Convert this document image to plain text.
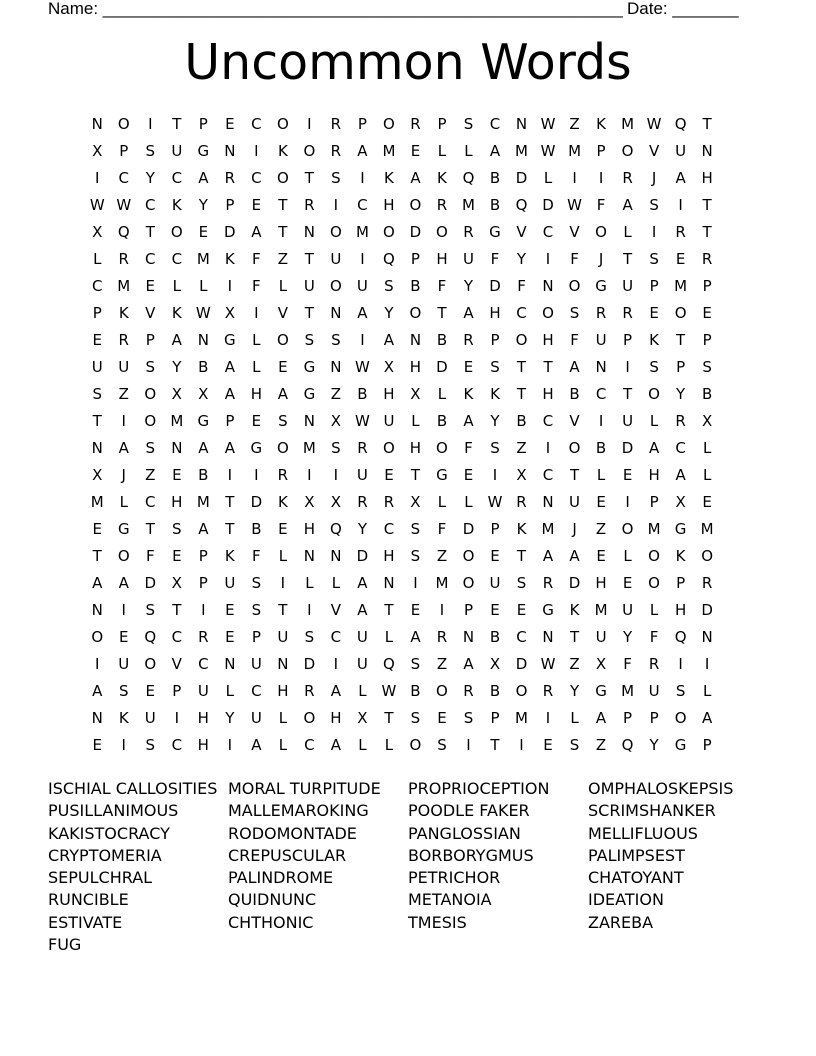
Name: _______________________________________________________ Date: _______
Uncommon Words
N O	I	T	P	E	C	O	I	R	P	O	R	P	S	C	N W Z	K	M W Q	T
X	P	S	U	G	N	I	K	O	R	A M	E	L	L	A M W M	P	O	V	U	N
I	C	Y	C	A	R	C	O	T	S	I	K	A	K	Q	B	D	L	I	I	R	J	A	H
W W C	K	Y	P	E	T	R	I	C	H O	R M B	Q D W F	A	S	I	T
X	Q	T	O	E	D	A	T	N O M O D O	R	G	V	C	V	O	L	I	R	T
L	R	C	C M	K	F	Z	T	U	I	Q	P	H	U	F	Y	I	F	J	T	S	E	R
C M	E	L	L	I	F	L	U	O	U	S	B	F	Y	D	F	N O G	U	P	M	P
P	K	V	K W X	I	V	T	N	A	Y	O	T	A	H	C	O	S	R	R	E	O	E
E	R	P	A	N	G	L	O	S	S	I	A	N	B	R	P	O H	F	U	P	K	T	P
U	U	S	Y	B	A	L	E	G	N W X	H	D	E	S	T	T	A	N	I	S	P	S
S	Z	O	X	X	A	H	A	G	Z	B	H	X	L	K	K	T	H	B	C	T	O	Y	B
T	I	O M G	P	E	S	N	X W U	L	B	A	Y	B	C	V	I	U	L	R	X
N	A	S	N	A	A	G O M	S	R	O H O	F	S	Z	I	O	B	D	A	C	L
X	J	Z	E	B	I	I	R	I	I	U	E	T	G	E	I	X	C	T	L	E	H	A	L
M	L	C	H M	T	D	K	X	X	R	R	X	L	L W R	N	U	E	I	P	X	E
E	G	T	S	A	T	B	E	H Q	Y	C	S	F	D	P	K	M	J	Z	O M G M
T	O	F	E	P	K	F	L	N	N	D	H	S	Z	O	E	T	A	A	E	L	O	K	O
A	A	D	X	P	U	S	I	L	L	A	N	I	M O	U	S	R	D	H	E	O	P	R
N	I	S	T	I	E	S	T	I	V	A	T	E	I	P	E	E	G	K	M U	L	H	D
O	E	Q	C	R	E	P	U	S	C	U	L	A	R	N	B	C	N	T	U	Y	F	Q	N
I	U	O	V	C	N	U	N	D	I	U	Q	S	Z	A	X	D W Z	X	F	R	I	I
A	S	E	P	U	L	C	H	R	A	L W B	O	R	B	O	R	Y	G M U	S	L
N	K	U	I	H	Y	U	L	O H	X	T	S	E	S	P	M	I	L	A	P	P	O	A
E	I	S	C	H	I	A	L	C	A	L	L	O	S	I	T	I	E	S	Z	Q	Y	G	P
ISCHIAL CALLOSITIES
PUSILLANIMOUS
KAKISTOCRACY
CRYPTOMERIA
SEPULCHRAL
RUNCIBLE
ESTIVATE
FUG
MORAL TURPITUDE
MALLEMAROKING
RODOMONTADE
CREPUSCULAR
PALINDROME
QUIDNUNC
CHTHONIC
PROPRIOCEPTION
POODLE FAKER
PANGLOSSIAN
BORBORYGMUS
PETRICHOR
METANOIA
TMESIS
OMPHALOSKEPSIS
SCRIMSHANKER
MELLIFLUOUS
PALIMPSEST
CHATOYANT
IDEATION
ZAREBA
